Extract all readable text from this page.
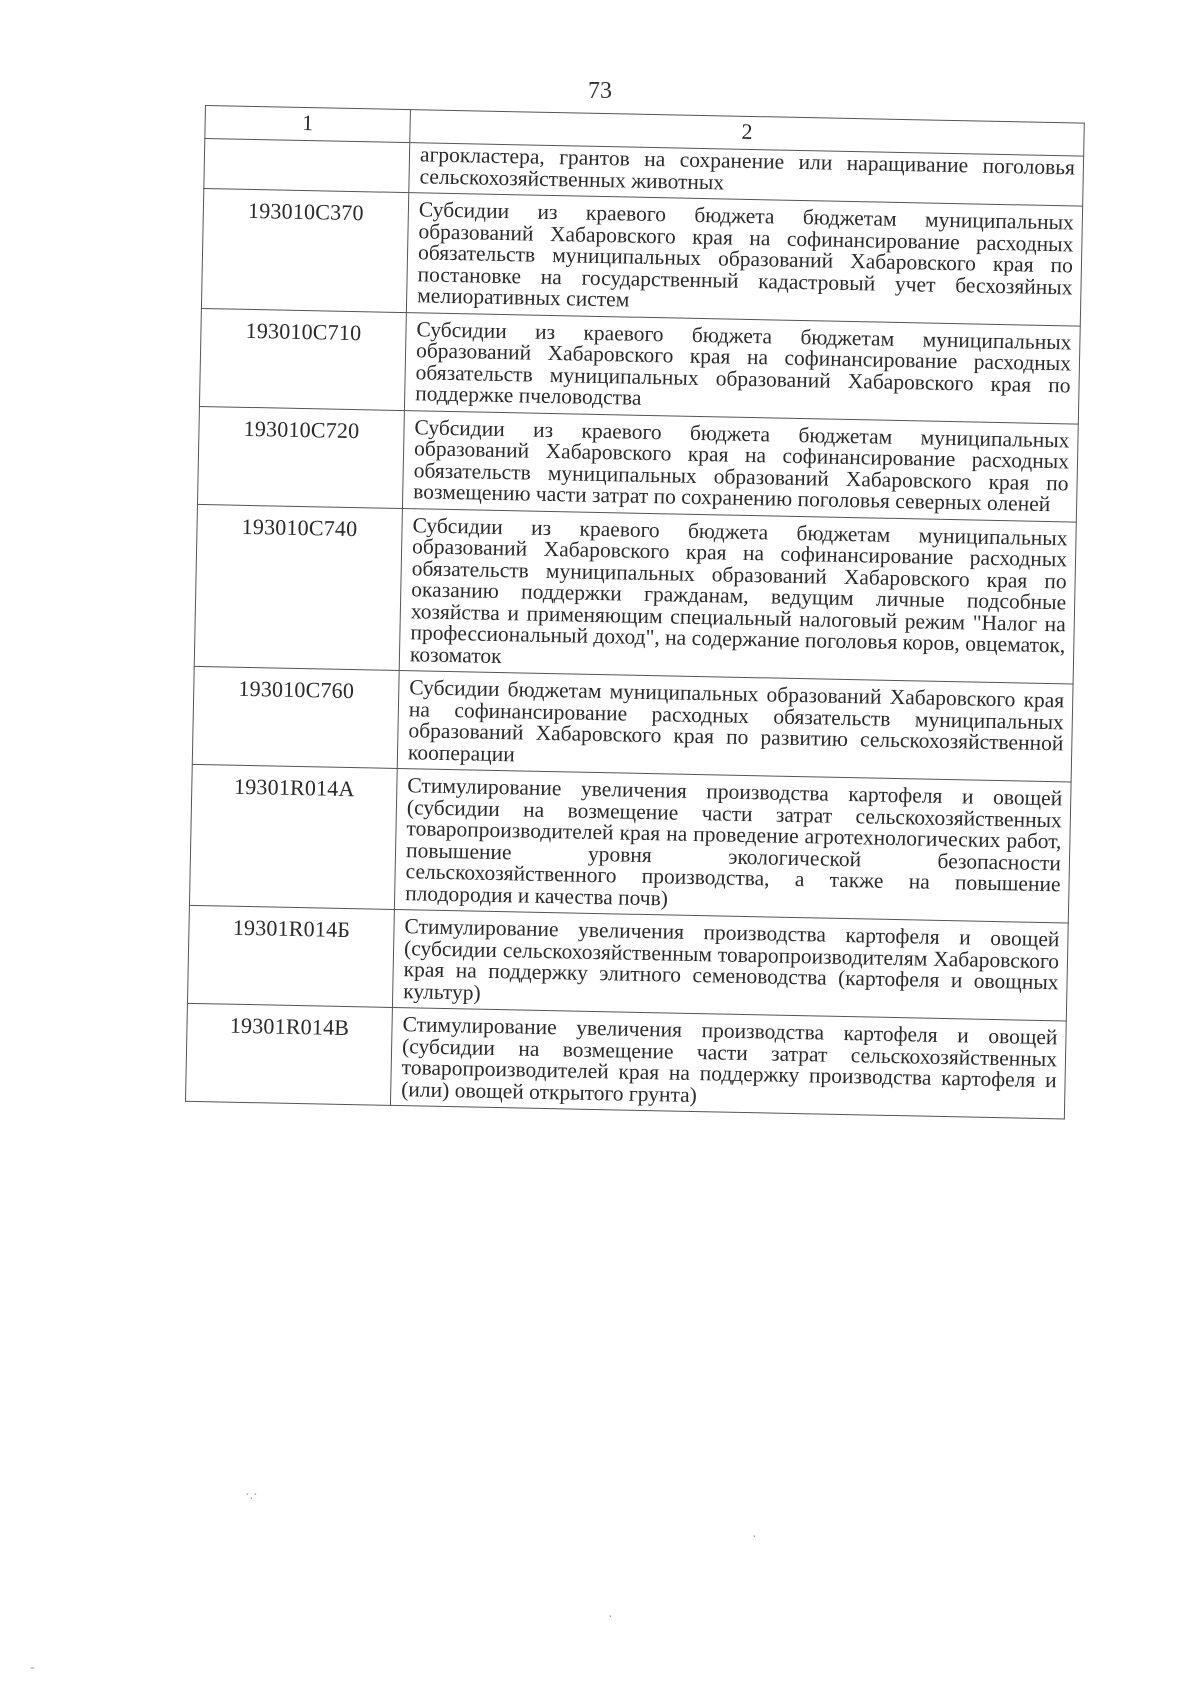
73
1	2
	агрокластера, грантов на сохранение или наращивание поголовья сельскохозяйственных животных
193010С370	Субсидии из краевого бюджета бюджетам муниципальных образований Хабаровского края на софинансирование расходных обязательств муниципальных образований Хабаровского края по постановке на государственный кадастровый учет бесхозяйных мелиоративных систем
193010С710	Субсидии из краевого бюджета бюджетам муниципальных образований Хабаровского края на софинансирование расходных обязательств муниципальных образований Хабаровского края по поддержке пчеловодства
193010С720	Субсидии из краевого бюджета бюджетам муниципальных образований Хабаровского края на софинансирование расходных обязательств муниципальных образований Хабаровского края по возмещению части затрат по сохранению поголовья северных оленей
193010С740	Субсидии из краевого бюджета бюджетам муниципальных образований Хабаровского края на софинансирование расходных обязательств муниципальных образований Хабаровского края по оказанию поддержки гражданам, ведущим личные подсобные хозяйства и применяющим специальный налоговый режим "Налог на профессиональный доход", на содержание поголовья коров, овцематок, козоматок
193010С760	Субсидии бюджетам муниципальных образований Хабаровского края на софинансирование расходных обязательств муниципальных образований Хабаровского края по развитию сельскохозяйственной кооперации
19301R014А	Стимулирование увеличения производства картофеля и овощей (субсидии на возмещение части затрат сельскохозяйственных товаропроизводителей края на проведение агротехнологических работ, повышение уровня экологической безопасности сельскохозяйственного производства, а также на повышение плодородия и качества почв)
19301R014Б	Стимулирование увеличения производства картофеля и овощей (субсидии сельскохозяйственным товаропроизводителям Хабаровского края на поддержку элитного семеноводства (картофеля и овощных культур)
19301R014В	Стимулирование увеличения производства картофеля и овощей (субсидии на возмещение части затрат сельскохозяйственных товаропроизводителей края на поддержку производства картофеля и (или) овощей открытого грунта)
·.·
·
·
-
